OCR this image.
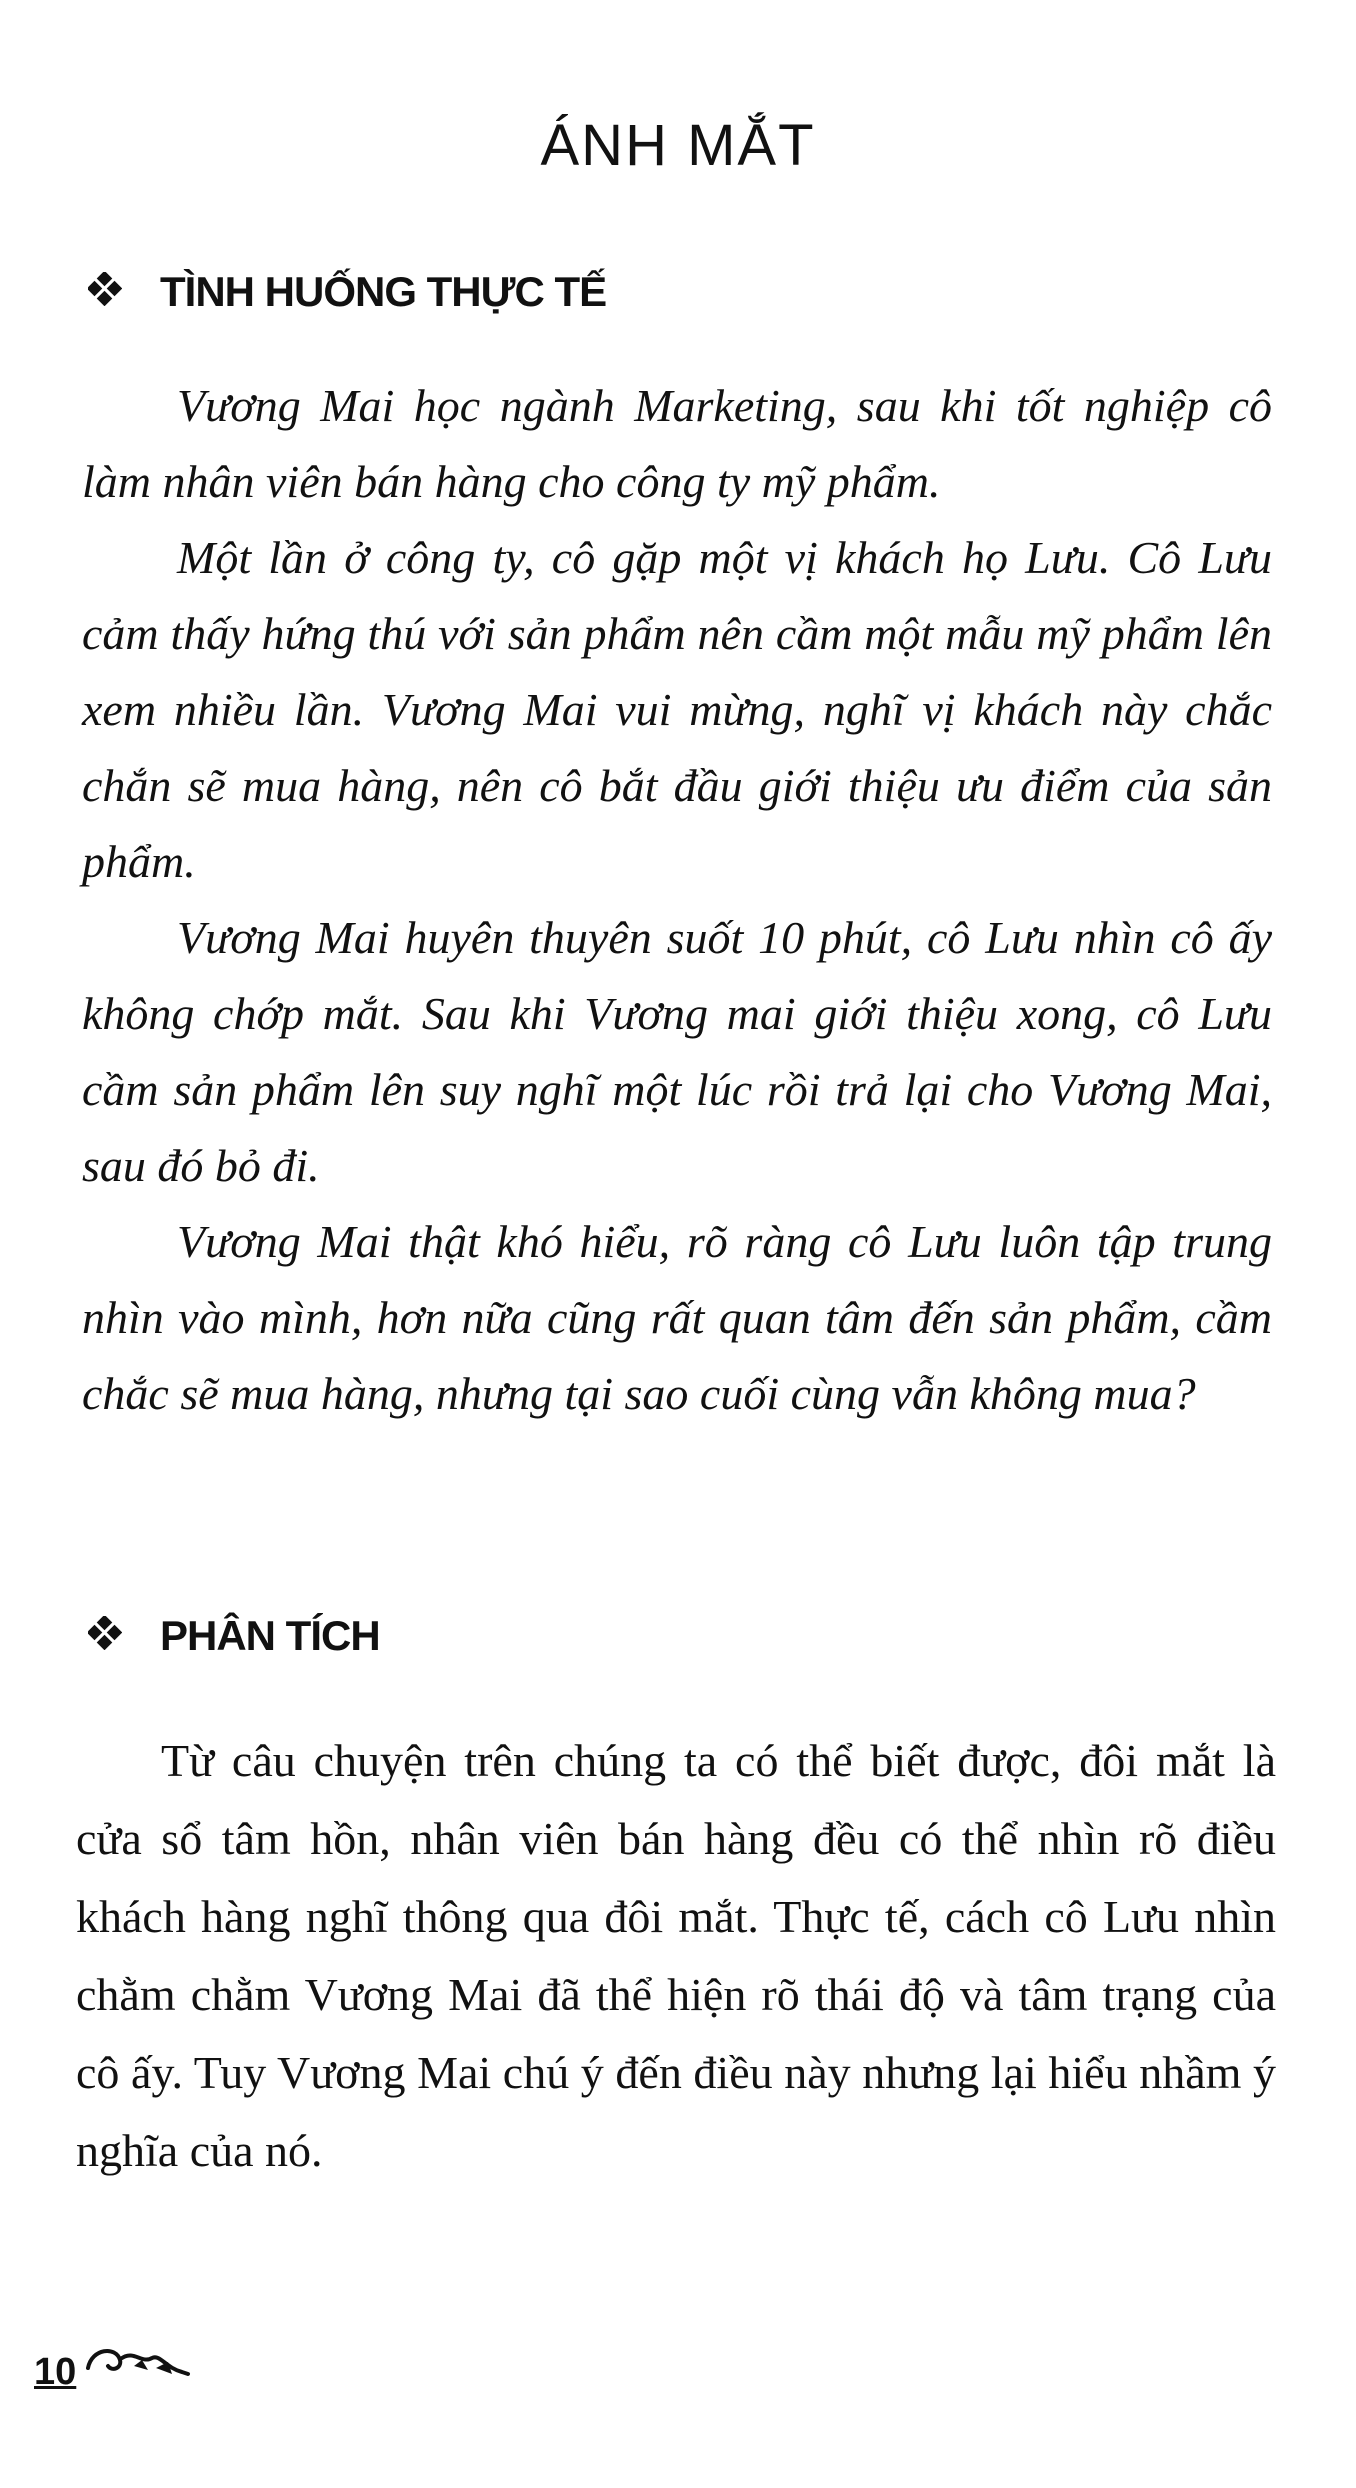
ÁNH MẮT
TÌNH HUỐNG THỰC TẾ

Vương Mai học ngành Marketing, sau khi tốt nghiệp cô làm nhân viên bán hàng cho công ty mỹ phẩm.

Một lần ở công ty, cô gặp một vị khách họ Lưu. Cô Lưu cảm thấy hứng thú với sản phẩm nên cầm một mẫu mỹ phẩm lên xem nhiều lần. Vương Mai vui mừng, nghĩ vị khách này chắc chắn sẽ mua hàng, nên cô bắt đầu giới thiệu ưu điểm của sản phẩm.

Vương Mai huyên thuyên suốt 10 phút, cô Lưu nhìn cô ấy không chớp mắt. Sau khi Vương mai giới thiệu xong, cô Lưu cầm sản phẩm lên suy nghĩ một lúc rồi trả lại cho Vương Mai, sau đó bỏ đi.

Vương Mai thật khó hiểu, rõ ràng cô Lưu luôn tập trung nhìn vào mình, hơn nữa cũng rất quan tâm đến sản phẩm, cầm chắc sẽ mua hàng, nhưng tại sao cuối cùng vẫn không mua?

PHÂN TÍCH

Từ câu chuyện trên chúng ta có thể biết được, đôi mắt là cửa sổ tâm hồn, nhân viên bán hàng đều có thể nhìn rõ điều khách hàng nghĩ thông qua đôi mắt. Thực tế, cách cô Lưu nhìn chằm chằm Vương Mai đã thể hiện rõ thái độ và tâm trạng của cô ấy. Tuy Vương Mai chú ý đến điều này nhưng lại hiểu nhầm ý nghĩa của nó.

10
